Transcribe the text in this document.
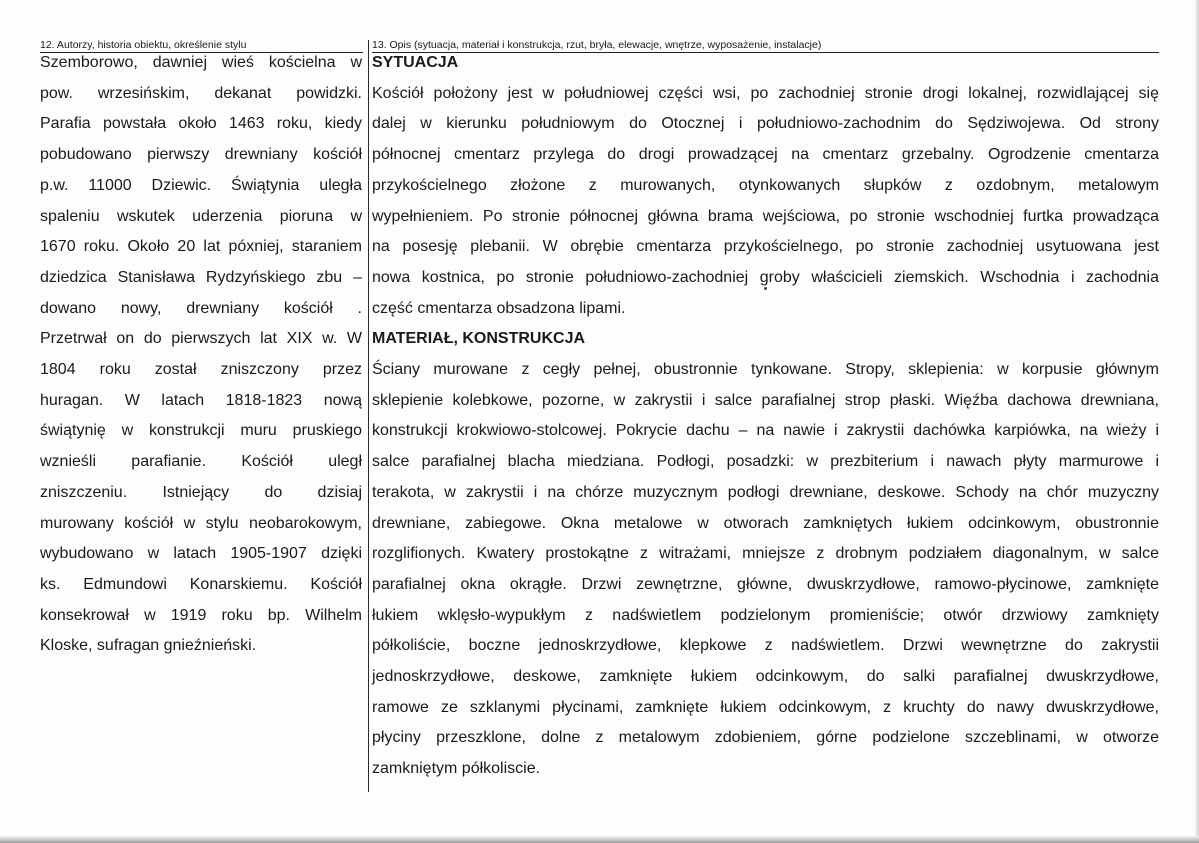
12. Autorzy, historia obiektu, określenie stylu	13. Opis (sytuacja, materiał i konstrukcja, rzut, bryła, elewacje, wnętrze, wyposażenie, instalacje)
Szemborowo, dawniej wieś kościelna w
pow. wrzesińskim, dekanat powidzki.
Parafia powstała około 1463 roku, kiedy
pobudowano pierwszy drewniany kościół
p.w. 11000 Dziewic. Świątynia uległa
spaleniu wskutek uderzenia pioruna w
1670 roku. Około 20 lat póxniej, staraniem
dziedzica Stanisława Rydzyńskiego zbu –
dowano nowy, drewniany kościół .
Przetrwał on do pierwszych lat XIX w. W
1804 roku został zniszczony przez
huragan. W latach 1818-1823 nową
świątynię w konstrukcji muru pruskiego
wznieśli parafianie. Kościół uległ
zniszczeniu. Istniejący do dzisiaj
murowany kościół w stylu neobarokowym,
wybudowano w latach 1905-1907 dzięki
ks. Edmundowi Konarskiemu. Kościół
konsekrował w 1919 roku bp. Wilhelm
Kloske, sufragan gnieźnieński.
SYTUACJA
Kościół położony jest w południowej części wsi, po zachodniej stronie drogi lokalnej, rozwidlającej się
dalej w kierunku południowym do Otocznej i południowo-zachodnim do Sędziwojewa. Od strony
północnej cmentarz przylega do drogi prowadzącej na cmentarz grzebalny. Ogrodzenie cmentarza
przykościelnego złożone z murowanych, otynkowanych słupków z ozdobnym, metalowym
wypełnieniem. Po stronie północnej główna brama wejściowa, po stronie wschodniej furtka prowadząca
na posesję plebanii. W obrębie cmentarza przykościelnego, po stronie zachodniej usytuowana jest
nowa kostnica, po stronie południowo-zachodniej groby właścicieli ziemskich. Wschodnia i zachodnia
część cmentarza obsadzona lipami.
MATERIAŁ, KONSTRUKCJA
Ściany murowane z cegły pełnej, obustronnie tynkowane. Stropy, sklepienia: w korpusie głównym
sklepienie kolebkowe, pozorne, w zakrystii i salce parafialnej strop płaski. Więźba dachowa drewniana,
konstrukcji krokwiowo-stolcowej. Pokrycie dachu – na nawie i zakrystii dachówka karpiówka, na wieży i
salce parafialnej blacha miedziana. Podłogi, posadzki: w prezbiterium i nawach płyty marmurowe i
terakota, w zakrystii i na chórze muzycznym podłogi drewniane, deskowe. Schody na chór muzyczny
drewniane, zabiegowe. Okna metalowe w otworach zamkniętych łukiem odcinkowym, obustronnie
rozglifionych. Kwatery prostokątne z witrażami, mniejsze z drobnym podziałem diagonalnym, w salce
parafialnej okna okrągłe. Drzwi zewnętrzne, główne, dwuskrzydłowe, ramowo-płycinowe, zamknięte
łukiem wklęsło-wypukłym z nadświetlem podzielonym promieniście; otwór drzwiowy zamknięty
półkoliście, boczne jednoskrzydłowe, klepkowe z nadświetlem. Drzwi wewnętrzne do zakrystii
jednoskrzydłowe, deskowe, zamknięte łukiem odcinkowym, do salki parafialnej dwuskrzydłowe,
ramowe ze szklanymi płycinami, zamknięte łukiem odcinkowym, z kruchty do nawy dwuskrzydłowe,
płyciny przeszklone, dolne z metalowym zdobieniem, górne podzielone szczeblinami, w otworze
zamkniętym półkoliscie.
